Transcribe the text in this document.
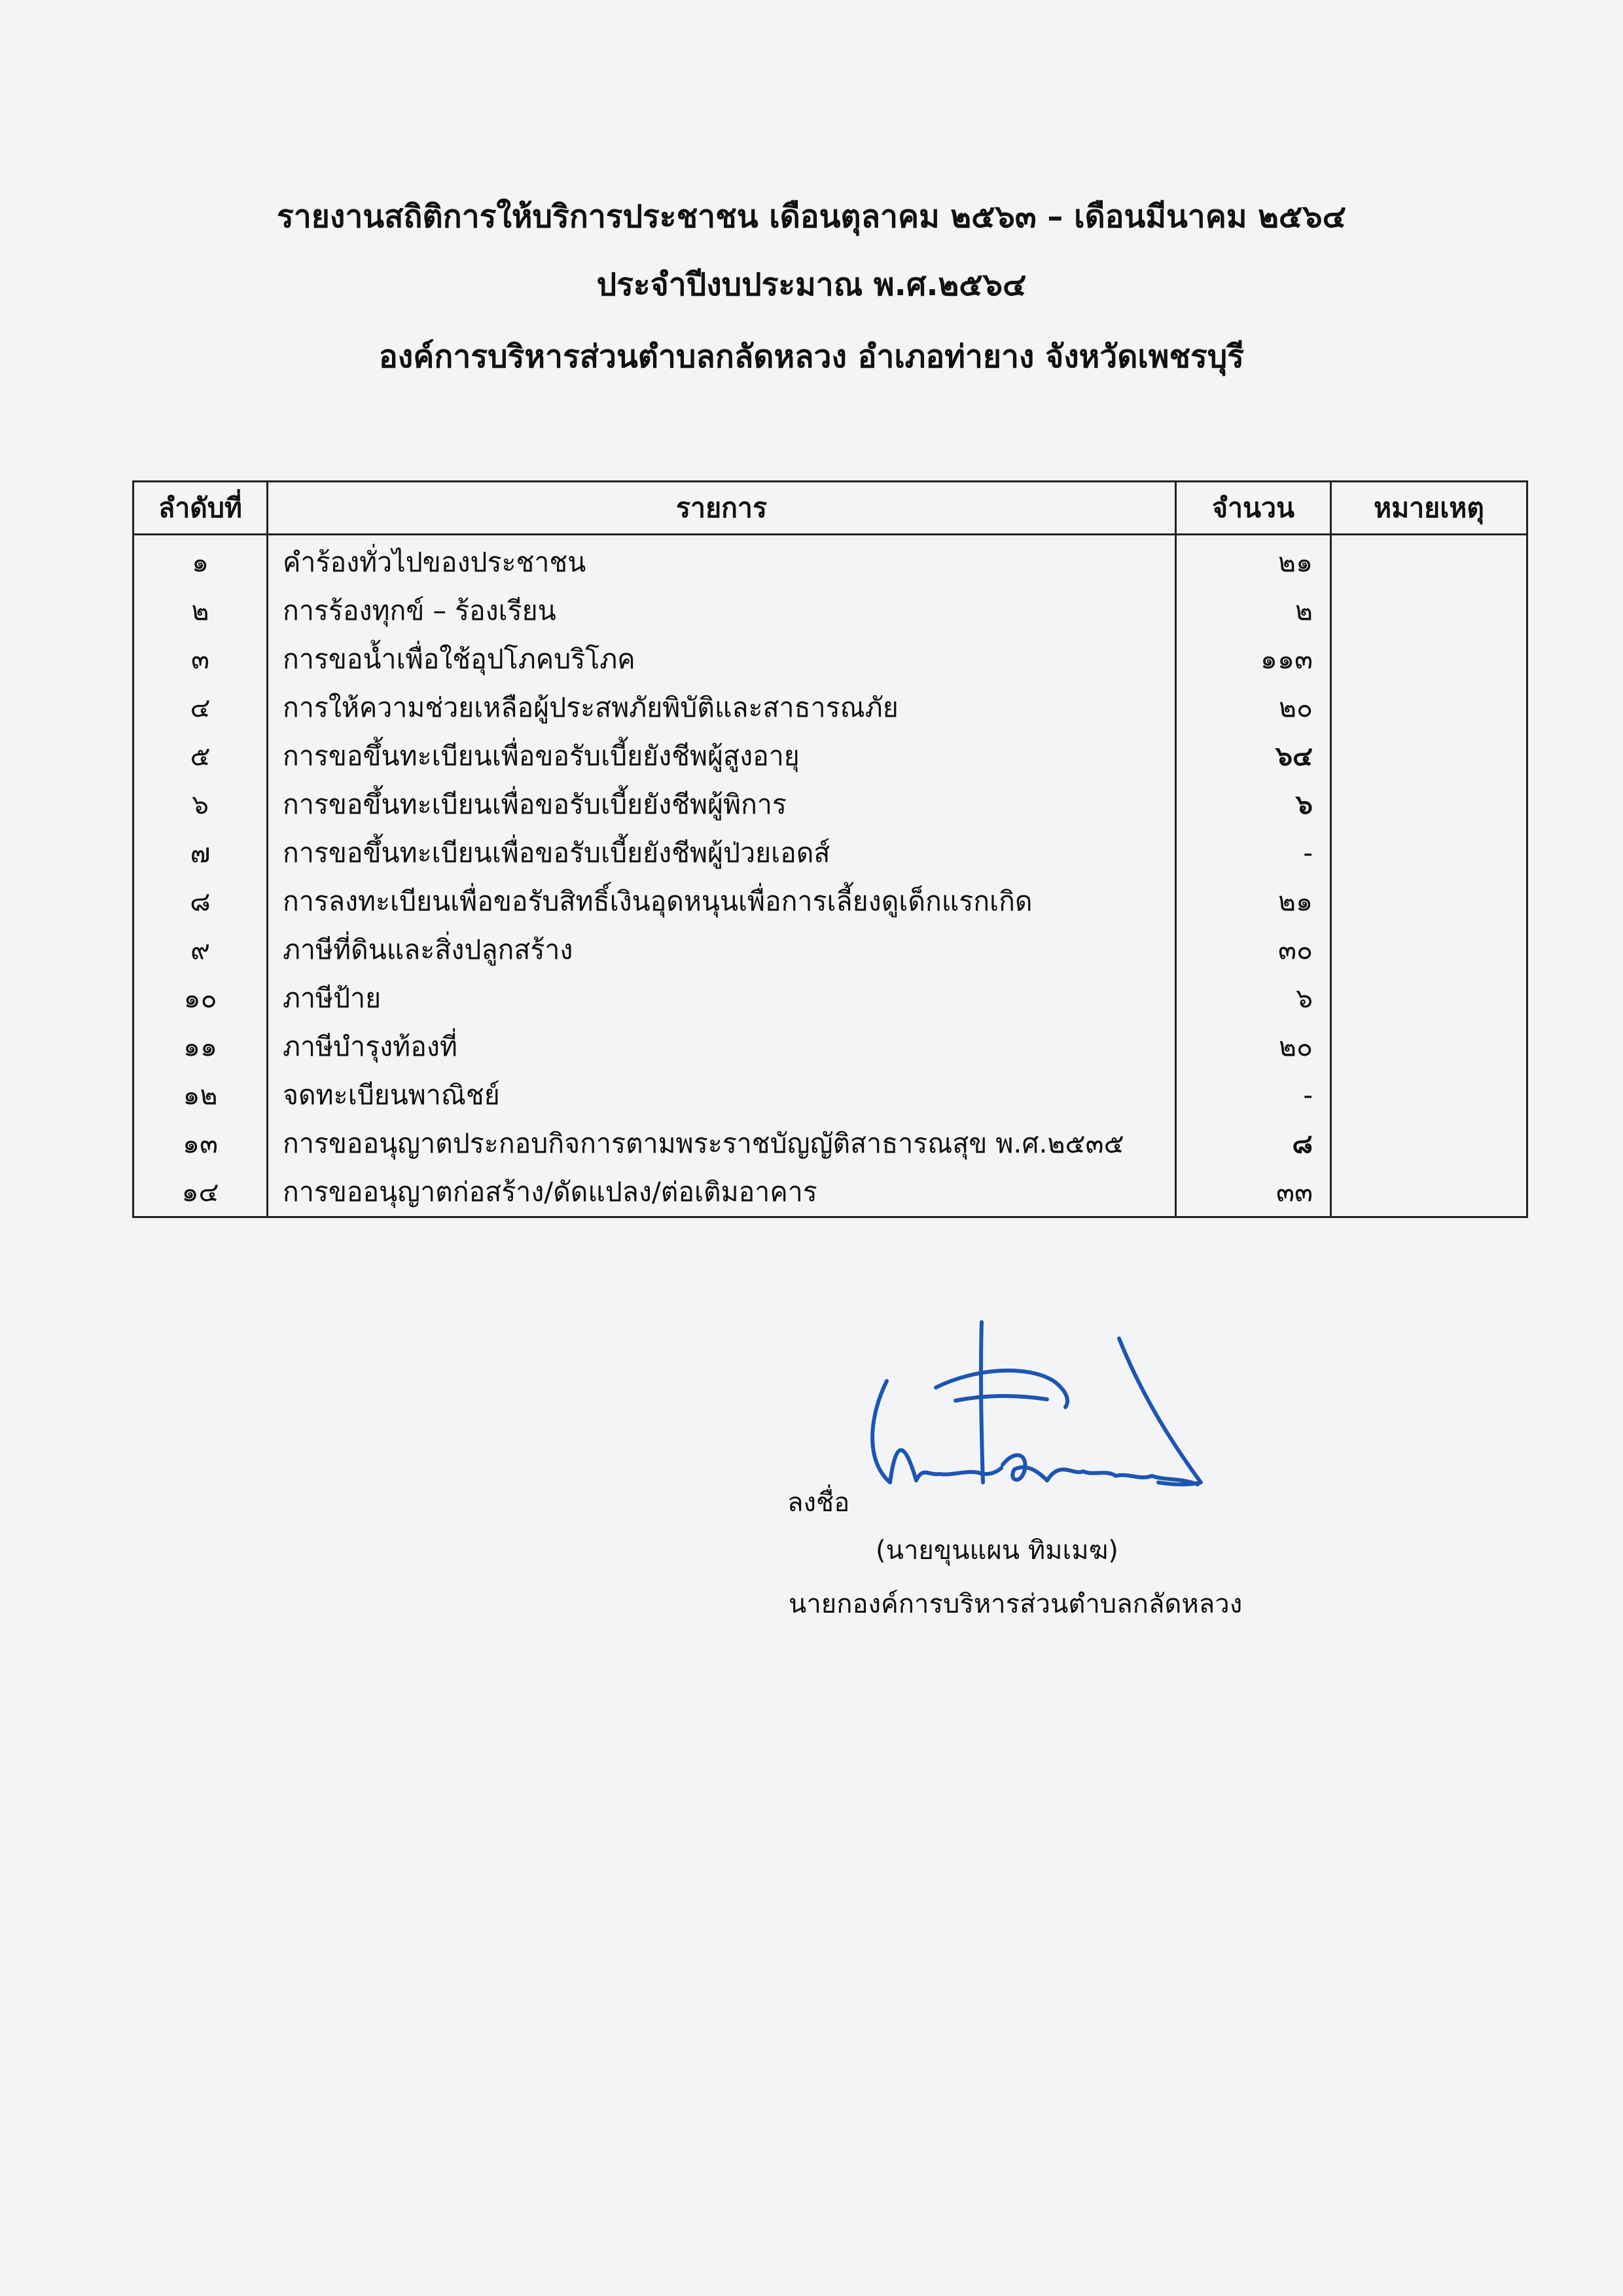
รายงานสถิติการให้บริการประชาชน เดือนตุลาคม ๒๕๖๓ – เดือนมีนาคม ๒๕๖๔
ประจำปีงบประมาณ พ.ศ.๒๕๖๔
องค์การบริหารส่วนตำบลกลัดหลวง อำเภอท่ายาง จังหวัดเพชรบุรี
ลำดับที่	รายการ	จำนวน	หมายเหตุ
๑	คำร้องทั่วไปของประชาชน	๒๑	
๒	การร้องทุกข์ – ร้องเรียน	๒	
๓	การขอน้ำเพื่อใช้อุปโภคบริโภค	๑๑๓	
๔	การให้ความช่วยเหลือผู้ประสพภัยพิบัติและสาธารณภัย	๒๐	
๕	การขอขึ้นทะเบียนเพื่อขอรับเบี้ยยังชีพผู้สูงอายุ	๖๔	
๖	การขอขึ้นทะเบียนเพื่อขอรับเบี้ยยังชีพผู้พิการ	๖	
๗	การขอขึ้นทะเบียนเพื่อขอรับเบี้ยยังชีพผู้ป่วยเอดส์	-	
๘	การลงทะเบียนเพื่อขอรับสิทธิ์เงินอุดหนุนเพื่อการเลี้ยงดูเด็กแรกเกิด	๒๑	
๙	ภาษีที่ดินและสิ่งปลูกสร้าง	๓๐	
๑๐	ภาษีป้าย	๖	
๑๑	ภาษีบำรุงท้องที่	๒๐	
๑๒	จดทะเบียนพาณิชย์	-	
๑๓	การขออนุญาตประกอบกิจการตามพระราชบัญญัติสาธารณสุข พ.ศ.๒๕๓๕	๘	
๑๔	การขออนุญาตก่อสร้าง/ดัดแปลง/ต่อเติมอาคาร	๓๓	
ลงชื่อ
(นายขุนแผน ทิมเมฆ)
นายกองค์การบริหารส่วนตำบลกลัดหลวง
